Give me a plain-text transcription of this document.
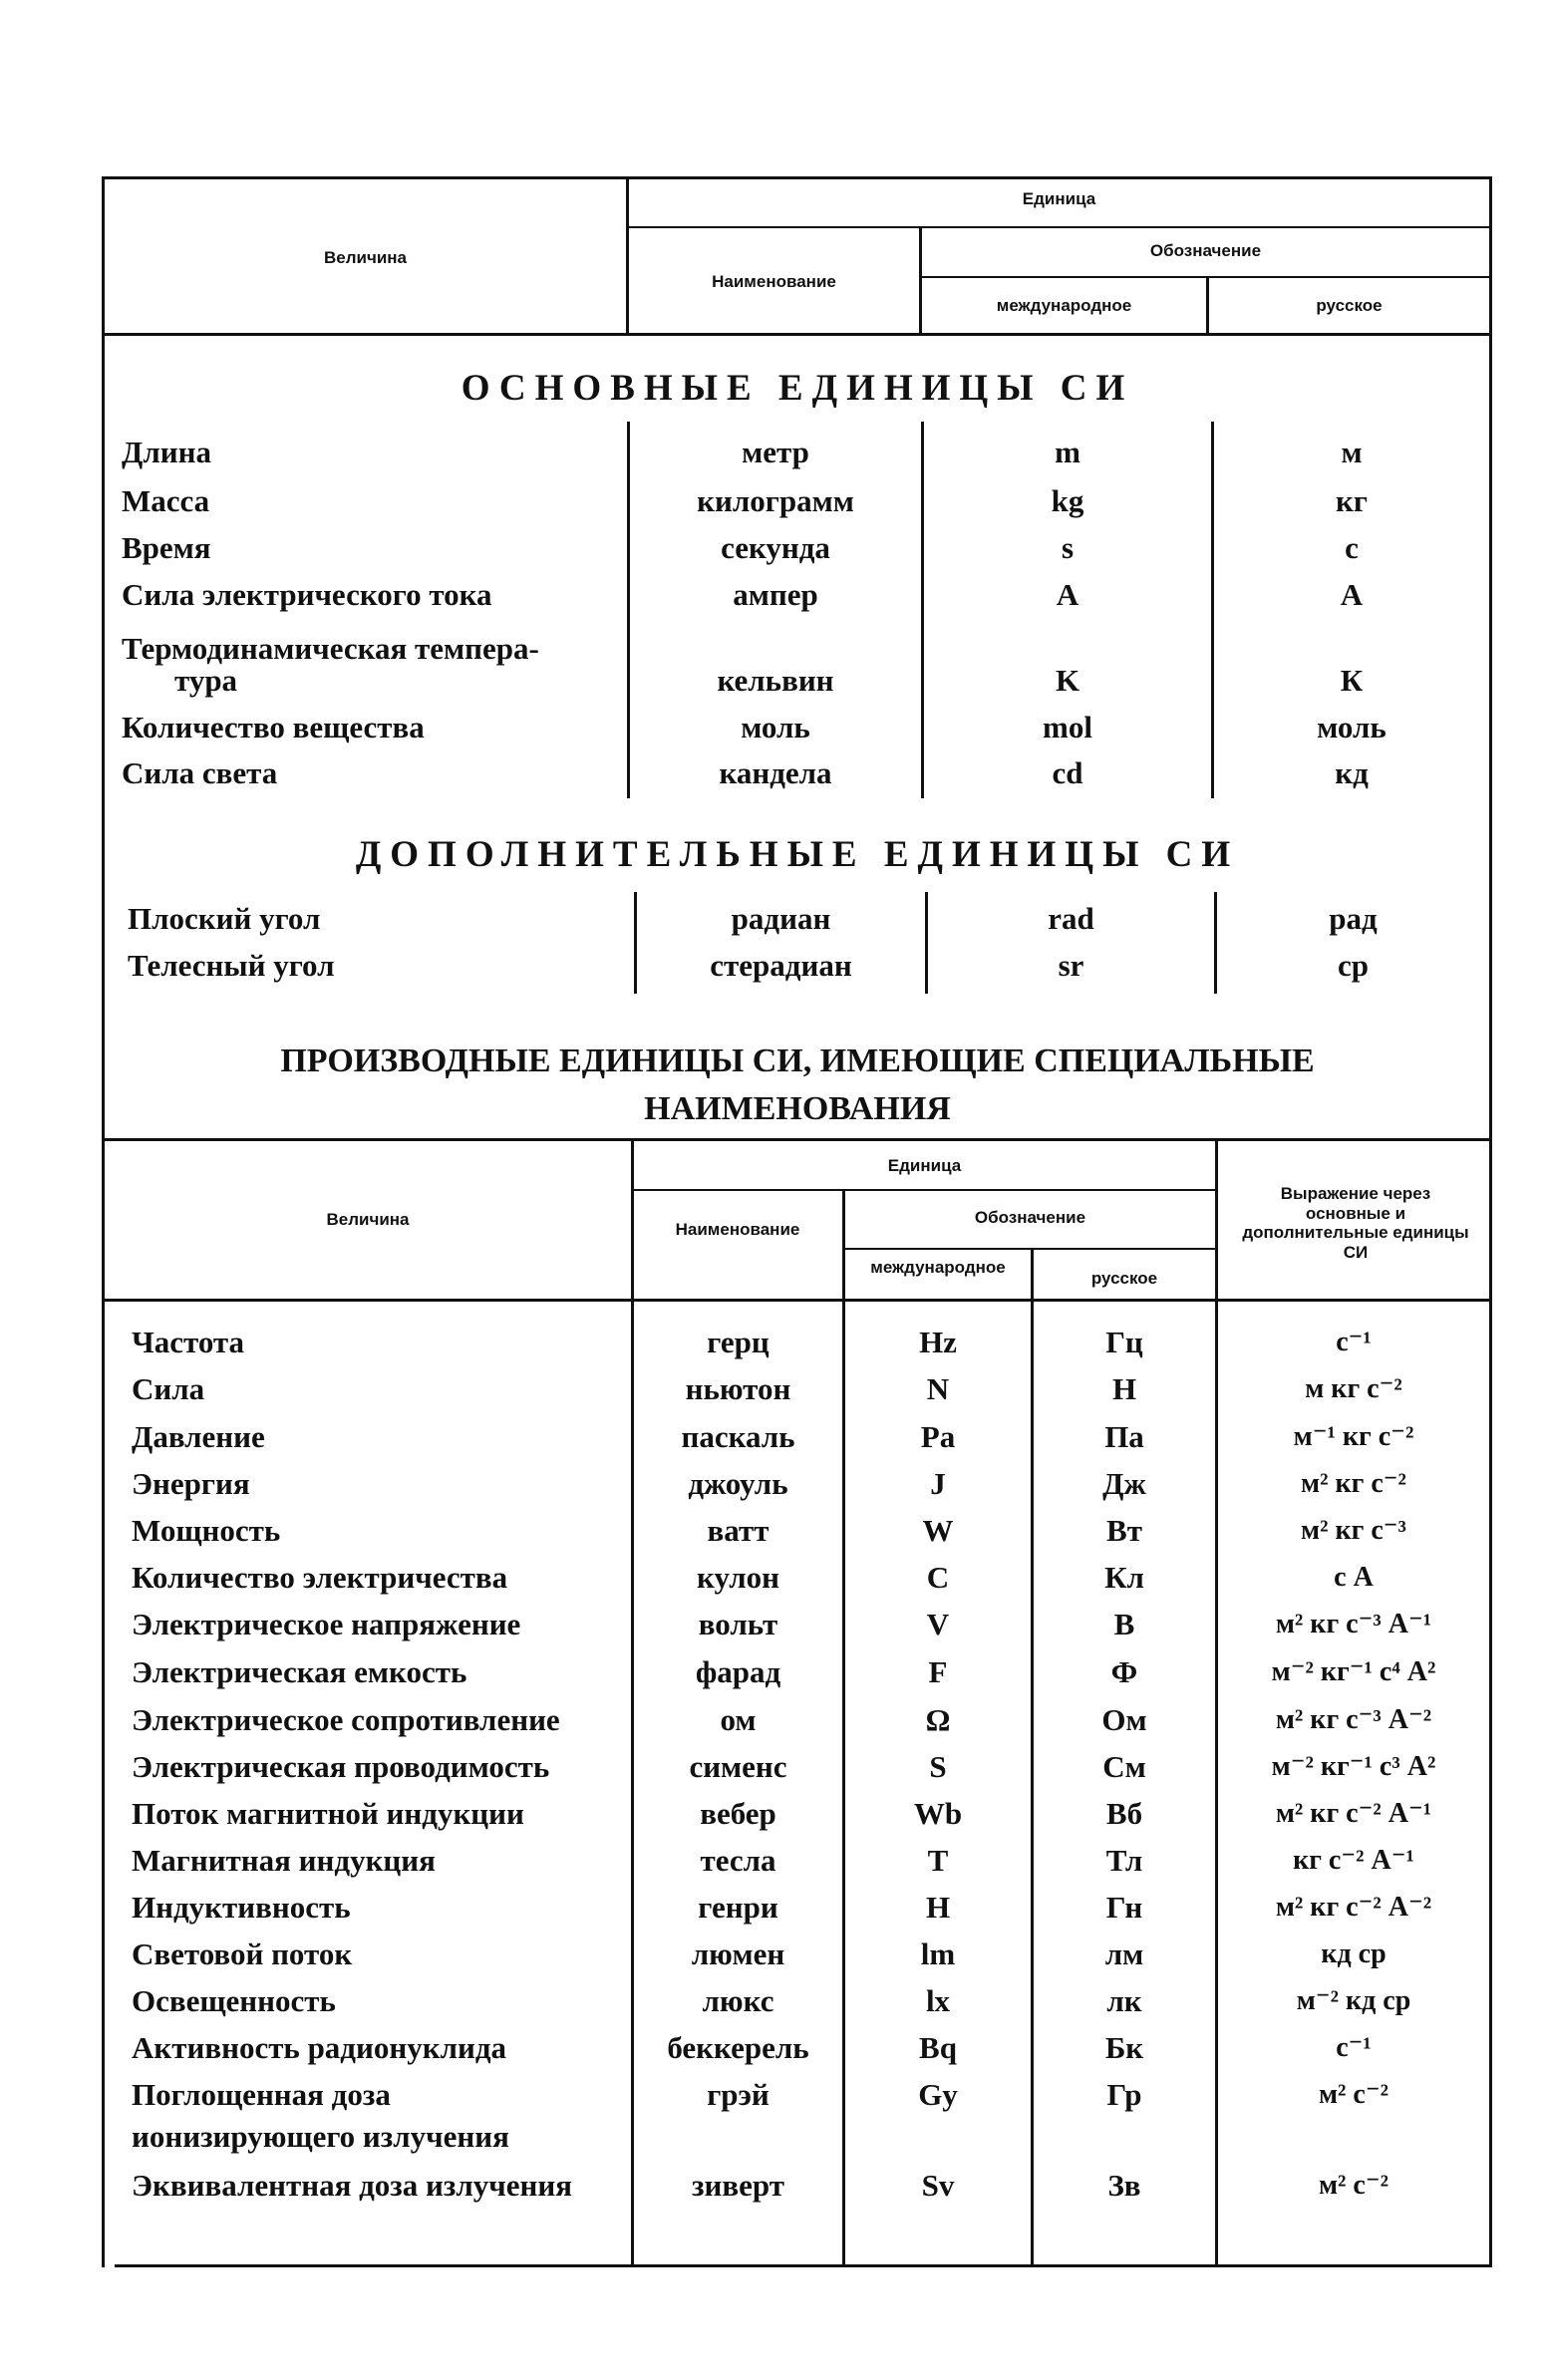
Величина
Единица
Наименование
Обозначение
международное	русское
ОСНОВНЫЕ ЕДИНИЦЫ СИ
Длина	метр	m	м
Масса	килограмм	kg	кг
Время	секунда	s	с
Сила электрического тока	ампер	A	А
Термодинамическая темпера-
тура	кельвин	K	К
Количество вещества	моль	mol	моль
Сила света	кандела	cd	кд
ДОПОЛНИТЕЛЬНЫЕ ЕДИНИЦЫ СИ
Плоский угол	радиан	rad	рад
Телесный угол	стерадиан	sr	ср
ПРОИЗВОДНЫЕ ЕДИНИЦЫ СИ, ИМЕЮЩИЕ СПЕЦИАЛЬНЫЕ
НАИМЕНОВАНИЯ
Величина
Единица
Наименование
Обозначение
международное
русское
Выражение через основные и дополнительные единицы СИ
Частота	герц	Hz	Гц	с⁻¹
Сила	ньютон	N	Н	м кг с⁻²
Давление	паскаль	Pa	Па	м⁻¹ кг с⁻²
Энергия	джоуль	J	Дж	м² кг с⁻²
Мощность	ватт	W	Вт	м² кг с⁻³
Количество электричества	кулон	C	Кл	с А
Электрическое напряжение	вольт	V	В	м² кг с⁻³ А⁻¹
Электрическая емкость	фарад	F	Ф	м⁻² кг⁻¹ с⁴ А²
Электрическое сопротивление	ом	Ω	Ом	м² кг с⁻³ А⁻²
Электрическая проводимость	сименс	S	См	м⁻² кг⁻¹ с³ А²
Поток магнитной индукции	вебер	Wb	Вб	м² кг с⁻² А⁻¹
Магнитная индукция	тесла	T	Тл	кг с⁻² А⁻¹
Индуктивность	генри	H	Гн	м² кг с⁻² А⁻²
Световой поток	люмен	lm	лм	кд ср
Освещенность	люкс	lx	лк	м⁻² кд ср
Активность радионуклида	беккерель	Bq	Бк	с⁻¹
Поглощенная доза	грэй	Gy	Гр	м² с⁻²
ионизирующего излучения
Эквивалентная доза излучения	зиверт	Sv	Зв	м² с⁻²
